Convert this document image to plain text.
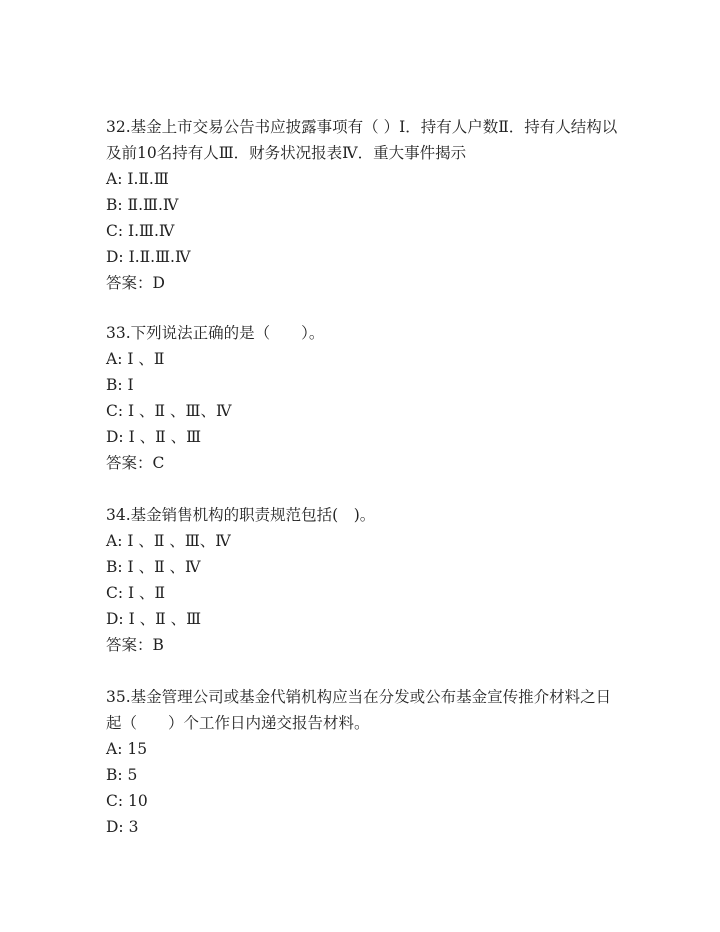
32.基金上市交易公告书应披露事项有（ ）Ⅰ．持有人户数Ⅱ．持有人结构以及前10名持有人Ⅲ．财务状况报表Ⅳ．重大事件揭示

A: Ⅰ.Ⅱ.Ⅲ

B: Ⅱ.Ⅲ.Ⅳ

C: Ⅰ.Ⅲ.Ⅳ

D: Ⅰ.Ⅱ.Ⅲ.Ⅳ

答案：D

33.下列说法正确的是（　　）。

A: Ⅰ 、Ⅱ

B: Ⅰ

C: Ⅰ 、Ⅱ 、Ⅲ、Ⅳ

D: Ⅰ 、Ⅱ 、Ⅲ

答案：C

34.基金销售机构的职责规范包括(　)。

A: Ⅰ 、Ⅱ 、Ⅲ、Ⅳ

B: Ⅰ 、Ⅱ 、Ⅳ

C: Ⅰ 、Ⅱ

D: Ⅰ 、Ⅱ 、Ⅲ

答案：B

35.基金管理公司或基金代销机构应当在分发或公布基金宣传推介材料之日起（　　）个工作日内递交报告材料。

A: 15

B: 5

C: 10

D: 3
